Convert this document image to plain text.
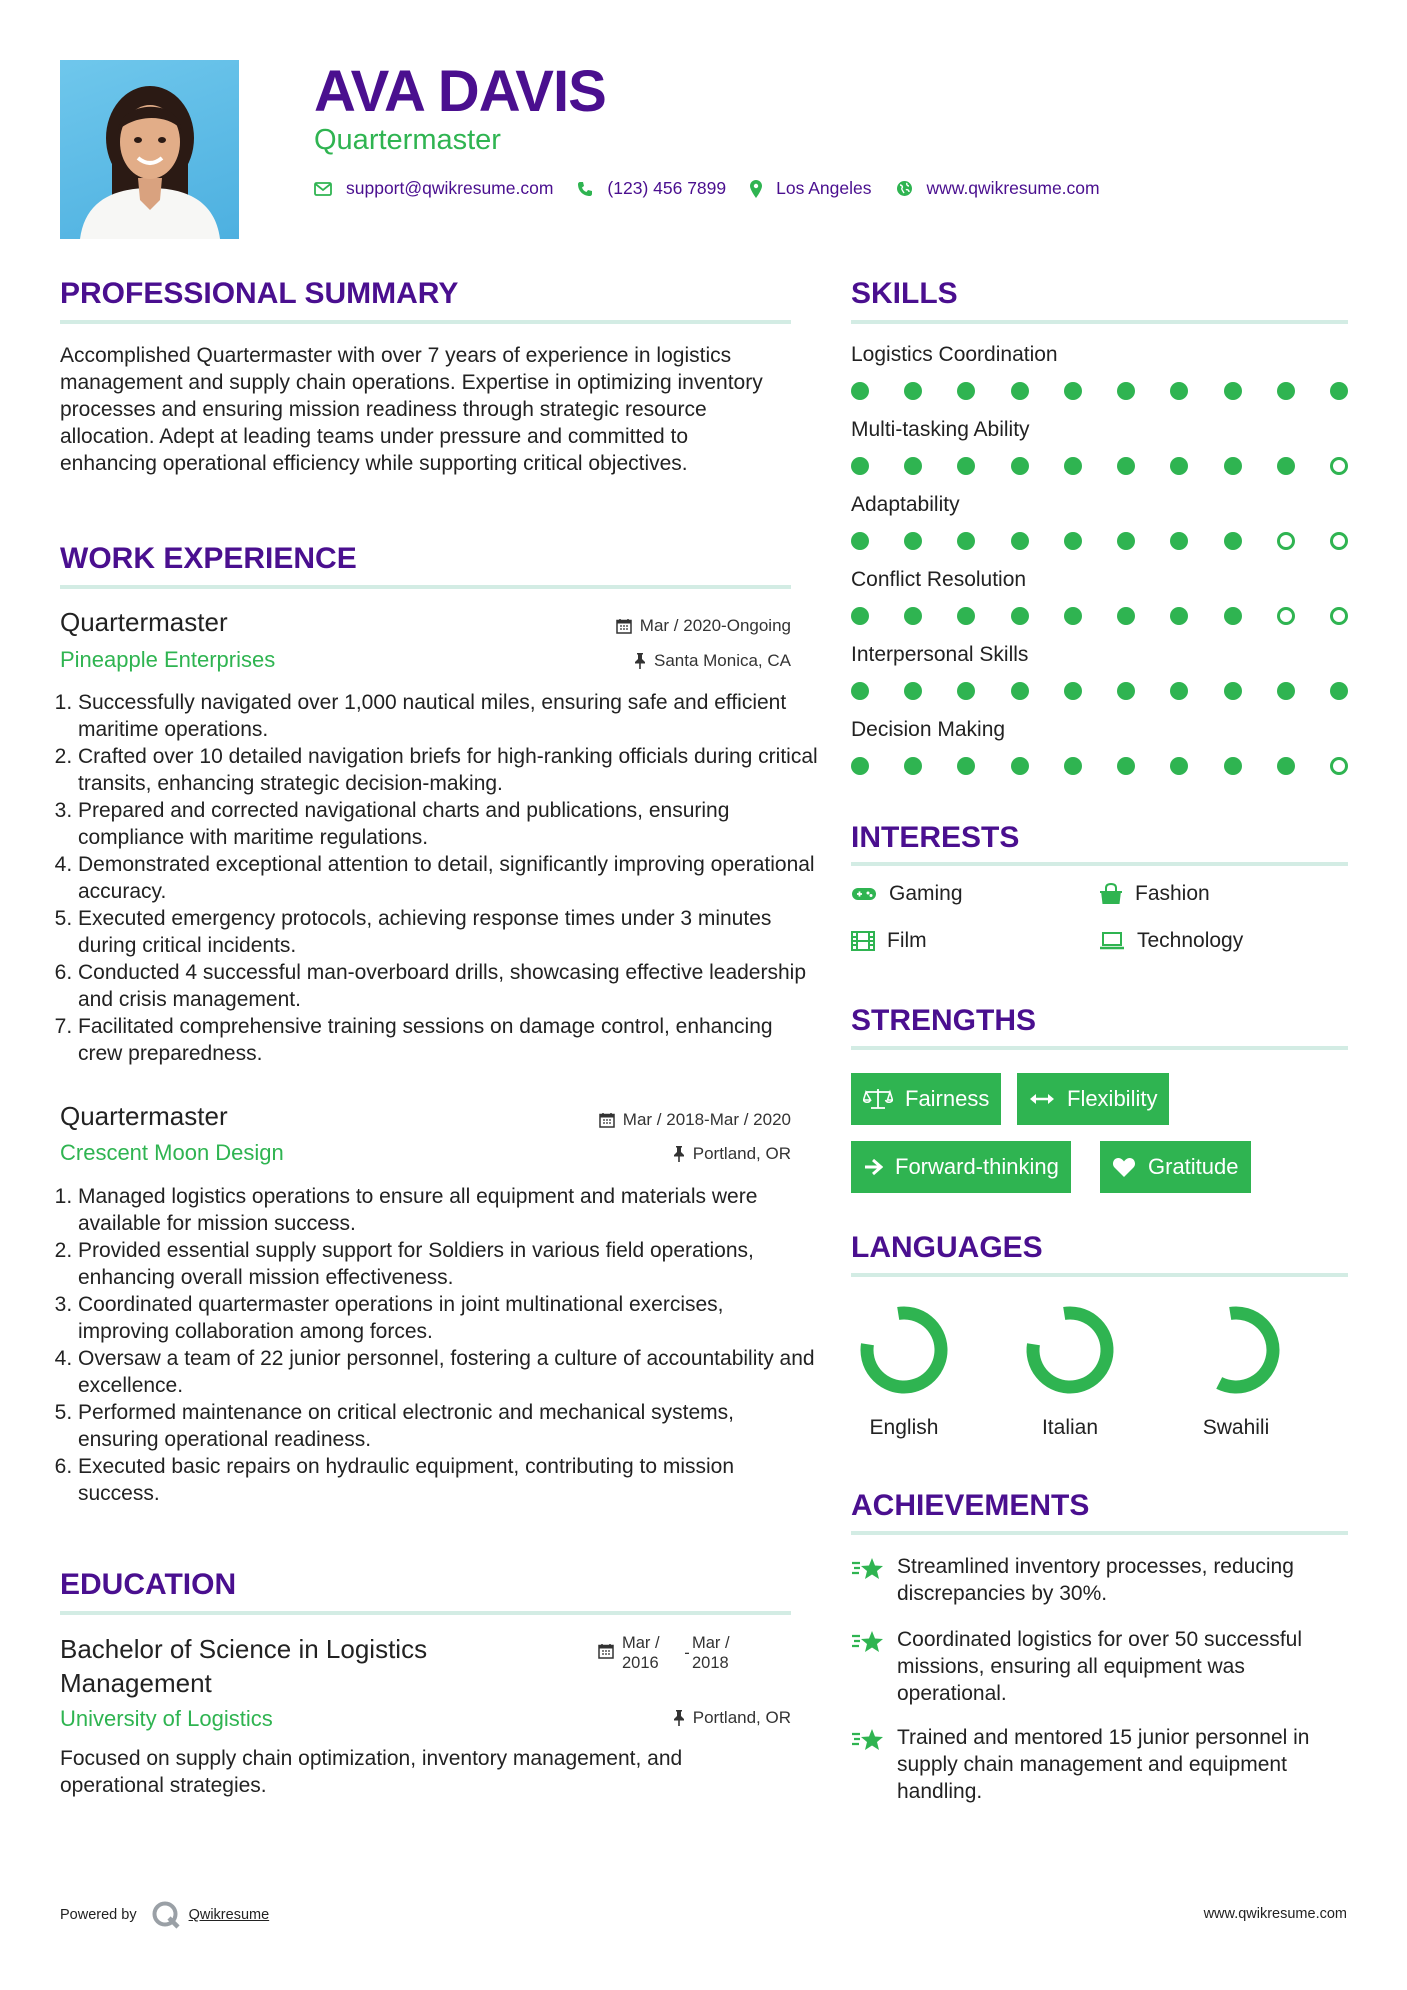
AVA DAVIS
Quartermaster
support@qwikresume.com	(123) 456 7899	Los Angeles	www.qwikresume.com
PROFESSIONAL SUMMARY
Accomplished Quartermaster with over 7 years of experience in logistics management and supply chain operations. Expertise in optimizing inventory processes and ensuring mission readiness through strategic resource allocation. Adept at leading teams under pressure and committed to enhancing operational efficiency while supporting critical objectives.
WORK EXPERIENCE
Quartermaster	Mar / 2020-Ongoing
Pineapple Enterprises	Santa Monica, CA
1. Successfully navigated over 1,000 nautical miles, ensuring safe and efficient maritime operations.
2. Crafted over 10 detailed navigation briefs for high-ranking officials during critical transits, enhancing strategic decision-making.
3. Prepared and corrected navigational charts and publications, ensuring compliance with maritime regulations.
4. Demonstrated exceptional attention to detail, significantly improving operational accuracy.
5. Executed emergency protocols, achieving response times under 3 minutes during critical incidents.
6. Conducted 4 successful man-overboard drills, showcasing effective leadership and crisis management.
7. Facilitated comprehensive training sessions on damage control, enhancing crew preparedness.
Quartermaster	Mar / 2018-Mar / 2020
Crescent Moon Design	Portland, OR
1. Managed logistics operations to ensure all equipment and materials were available for mission success.
2. Provided essential supply support for Soldiers in various field operations, enhancing overall mission effectiveness.
3. Coordinated quartermaster operations in joint multinational exercises, improving collaboration among forces.
4. Oversaw a team of 22 junior personnel, fostering a culture of accountability and excellence.
5. Performed maintenance on critical electronic and mechanical systems, ensuring operational readiness.
6. Executed basic repairs on hydraulic equipment, contributing to mission success.
EDUCATION
Bachelor of Science in Logistics Management
Mar / 2016
-
Mar / 2018
University of Logistics	Portland, OR
Focused on supply chain optimization, inventory management, and operational strategies.
SKILLS
Logistics Coordination
Multi-tasking Ability
Adaptability
Conflict Resolution
Interpersonal Skills
Decision Making
INTERESTS
Gaming	Fashion
Film	Technology
STRENGTHS
Fairness	Flexibility
Forward-thinking	Gratitude
LANGUAGES
English	Italian	Swahili
ACHIEVEMENTS
Streamlined inventory processes, reducing discrepancies by 30%.
Coordinated logistics for over 50 successful missions, ensuring all equipment was operational.
Trained and mentored 15 junior personnel in supply chain management and equipment handling.
Powered by	Qwikresume	www.qwikresume.com
